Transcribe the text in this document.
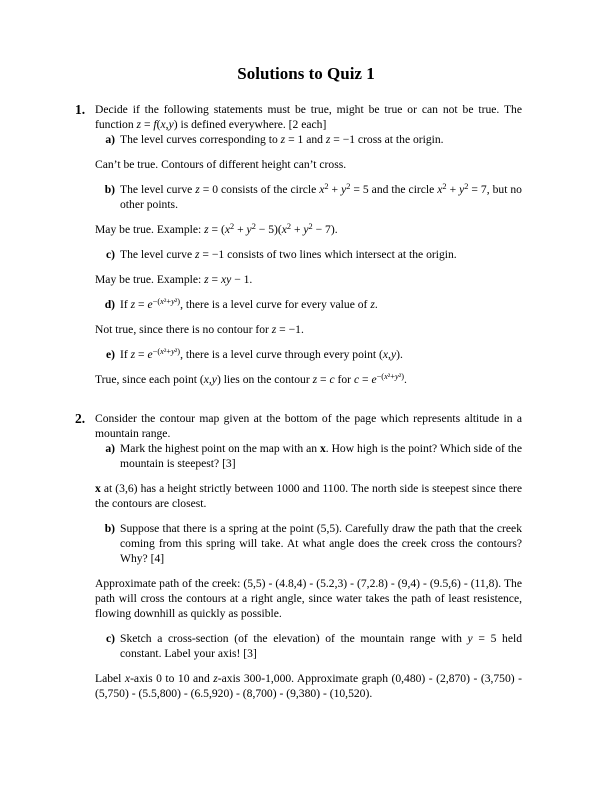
Solutions to Quiz 1
1. Decide if the following statements must be true, might be true or can not be true. The function z = f(x,y) is defined everywhere. [2 each]

a) The level curves corresponding to z = 1 and z = −1 cross at the origin.

Can’t be true. Contours of different height can’t cross.

b) The level curve z = 0 consists of the circle $x^2 + y^2 = 5$ and the circle $x^2 + y^2 = 7$, but no other points.

May be true. Example: $z = (x^2 + y^2 - 5)(x^2 + y^2 - 7)$.

c) The level curve z = −1 consists of two lines which intersect at the origin.

May be true. Example: z = xy − 1.

d) If $z = e^{-(x^2+y^2)}$, there is a level curve for every value of z.

Not true, since there is no contour for z = −1.

e) If $z = e^{-(x^2+y^2)}$, there is a level curve through every point (x,y).

True, since each point (x,y) lies on the contour z = c for $c = e^{-(x^2+y^2)}$.

2. Consider the contour map given at the bottom of the page which represents altitude in a mountain range.

a) Mark the highest point on the map with an x. How high is the point? Which side of the mountain is steepest? [3]

x at (3,6) has a height strictly between 1000 and 1100. The north side is steepest since there the contours are closest.

b) Suppose that there is a spring at the point (5,5). Carefully draw the path that the creek coming from this spring will take. At what angle does the creek cross the contours? Why? [4]

Approximate path of the creek: (5,5) - (4.8,4) - (5.2,3) - (7,2.8) - (9,4) - (9.5,6) - (11,8). The path will cross the contours at a right angle, since water takes the path of least resistence, flowing downhill as quickly as possible.

c) Sketch a cross-section (of the elevation) of the mountain range with y = 5 held constant. Label your axis! [3]

Label x-axis 0 to 10 and z-axis 300-1,000. Approximate graph (0,480) - (2,870) - (3,750) - (5,750) - (5.5,800) - (6.5,920) - (8,700) - (9,380) - (10,520).
